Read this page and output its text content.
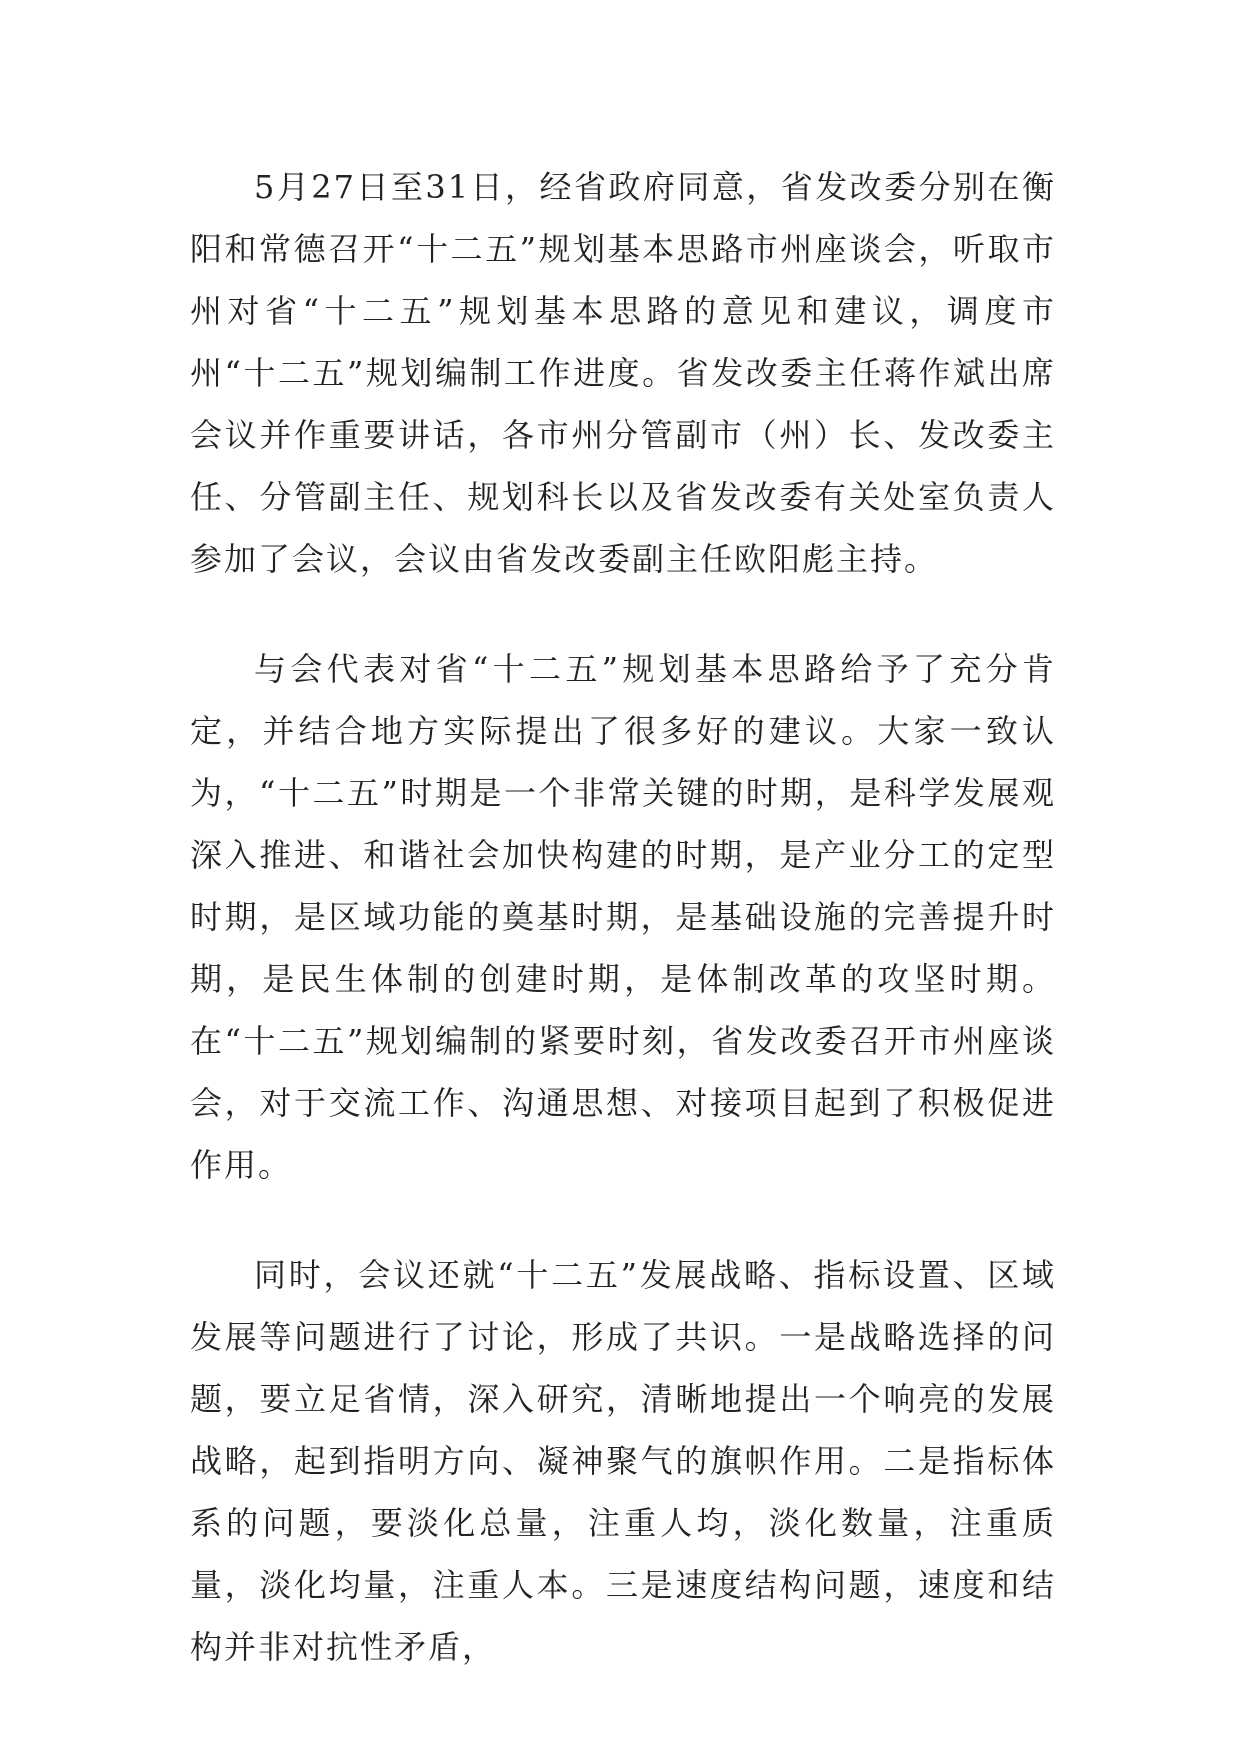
5月27日至31日，经省政府同意，省发改委分别在衡阳和常德召开“十二五”规划基本思路市州座谈会，听取市州对省“十二五”规划基本思路的意见和建议，调度市州“十二五”规划编制工作进度。省发改委主任蒋作斌出席会议并作重要讲话，各市州分管副市（州）长、发改委主任、分管副主任、规划科长以及省发改委有关处室负责人参加了会议，会议由省发改委副主任欧阳彪主持。

与会代表对省“十二五”规划基本思路给予了充分肯定，并结合地方实际提出了很多好的建议。大家一致认为，“十二五”时期是一个非常关键的时期，是科学发展观深入推进、和谐社会加快构建的时期，是产业分工的定型时期，是区域功能的奠基时期，是基础设施的完善提升时期，是民生体制的创建时期，是体制改革的攻坚时期。在“十二五”规划编制的紧要时刻，省发改委召开市州座谈会，对于交流工作、沟通思想、对接项目起到了积极促进作用。

同时，会议还就“十二五”发展战略、指标设置、区域发展等问题进行了讨论，形成了共识。一是战略选择的问题，要立足省情，深入研究，清晰地提出一个响亮的发展战略，起到指明方向、凝神聚气的旗帜作用。二是指标体系的问题，要淡化总量，注重人均，淡化数量，注重质量，淡化均量，注重人本。三是速度结构问题，速度和结构并非对抗性矛盾，
